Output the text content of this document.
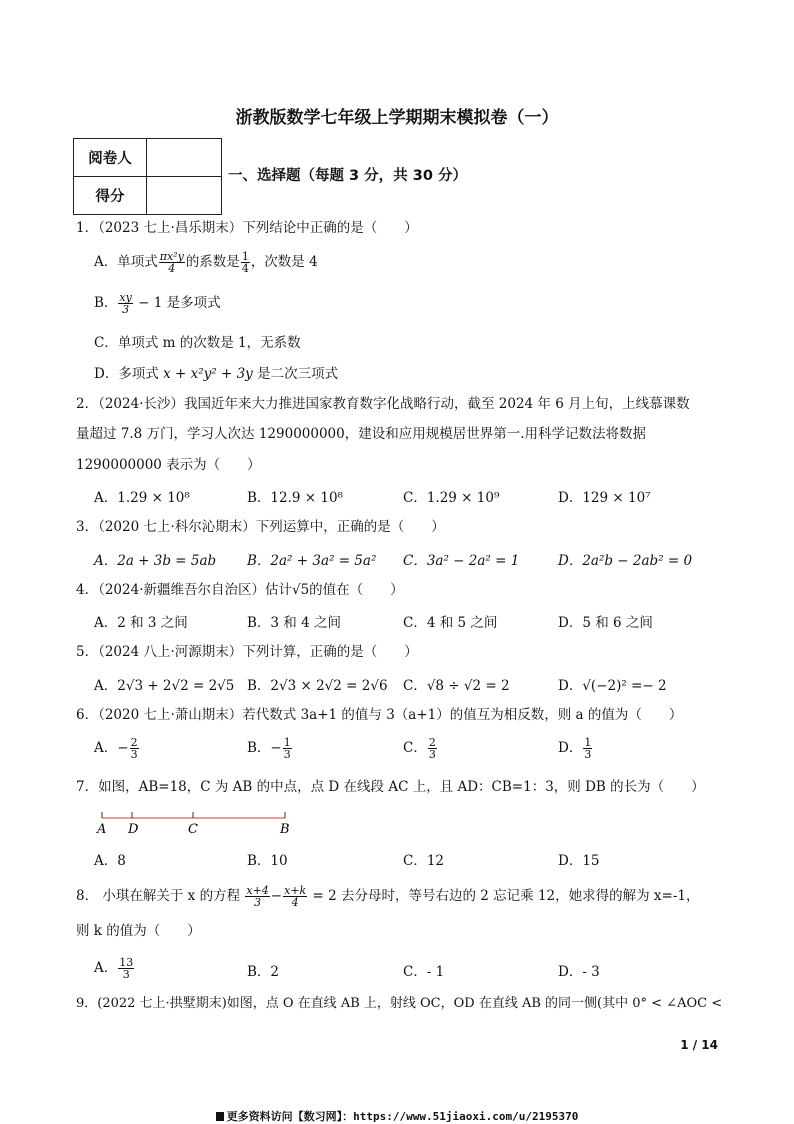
浙教版数学七年级上学期期末模拟卷（一）
阅卷人	
得分	
一、选择题（每题 3 分，共 30 分）
1．（2023 七上·昌乐期末）下列结论中正确的是（　　）
A．单项式 $\frac{\text{πx²y}}{4}$ 的系数是 $\frac{1}{4}$ ，次数是 4
B． $\frac{xy}{3} - 1$ 是多项式
C．单项式 m 的次数是 1，无系数
D．多项式 x + x²y² + 3y 是二次三项式
2．（2024·长沙）我国近年来大力推进国家教育数字化战略行动，截至 2024 年 6 月上旬，上线慕课数
量超过 7.8 万门，学习人次达 1290000000，建设和应用规模居世界第一.用科学记数法将数据
1290000000 表示为（　　）
A．1.29 × 10⁸	B．12.9 × 10⁸	C．1.29 × 10⁹	D．129 × 10⁷
3．（2020 七上·科尔沁期末）下列运算中，正确的是（　　）
A．2a + 3b = 5ab B．2a² + 3a² = 5a² C．3a² − 2a² = 1	D．2a²b − 2ab² = 0
4．（2024·新疆维吾尔自治区）估计√5的值在（　　）
A．2 和 3 之间	B．3 和 4 之间	C．4 和 5 之间	D．5 和 6 之间
5．（2024 八上·河源期末）下列计算，正确的是（　　）
A．2√3 + 2√2 = 2√5 B．2√3 × 2√2 = 2√6 C．√8 ÷ √2 = 2	D．√(−2)² =− 2
6．（2020 七上·萧山期末）若代数式 3a+1 的值与 3（a+1）的值互为相反数，则 a 的值为（　　）
A．− $\frac{2}{3}$	B．− $\frac{1}{3}$	C． $\frac{2}{3}$	D． $\frac{1}{3}$
7．如图，AB=18，C 为 AB 的中点，点 D 在线段 AC 上，且 AD：CB=1：3，则 DB 的长为（　　）
A D	C	B
A．8	B．10	C．12	D．15
8． 小琪在解关于 x 的方程 $\frac{x+4}{3} - \frac{x+k}{4} = 2$ 去分母时，等号右边的 2 忘记乘 12，她求得的解为 x=-1，
则 k 的值为（　　）
A． $\frac{13}{3}$	B．2	C．- 1	D．- 3
9．(2022 七上·拱墅期末)如图，点 O 在直线 AB 上，射线 OC，OD 在直线 AB 的同一侧(其中 0° < ∠AOC <
1 / 14
更多资料访问【数习网】：https://www.51jiaoxi.com/u/2195370
